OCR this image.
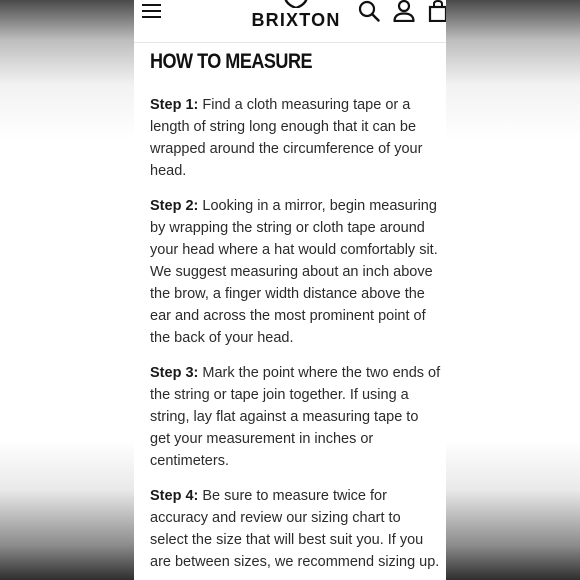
BRIXTON
HOW TO MEASURE

Step 1: Find a cloth measuring tape or a length of string long enough that it can be wrapped around the circumference of your head.

Step 2: Looking in a mirror, begin measuring by wrapping the string or cloth tape around your head where a hat would comfortably sit. We suggest measuring about an inch above the brow, a finger width distance above the ear and across the most prominent point of the back of your head.

Step 3: Mark the point where the two ends of the string or tape join together. If using a string, lay flat against a measuring tape to get your measurement in inches or centimeters.

Step 4: Be sure to measure twice for accuracy and review our sizing chart to select the size that will best suit you. If you are between sizes, we recommend sizing up.
